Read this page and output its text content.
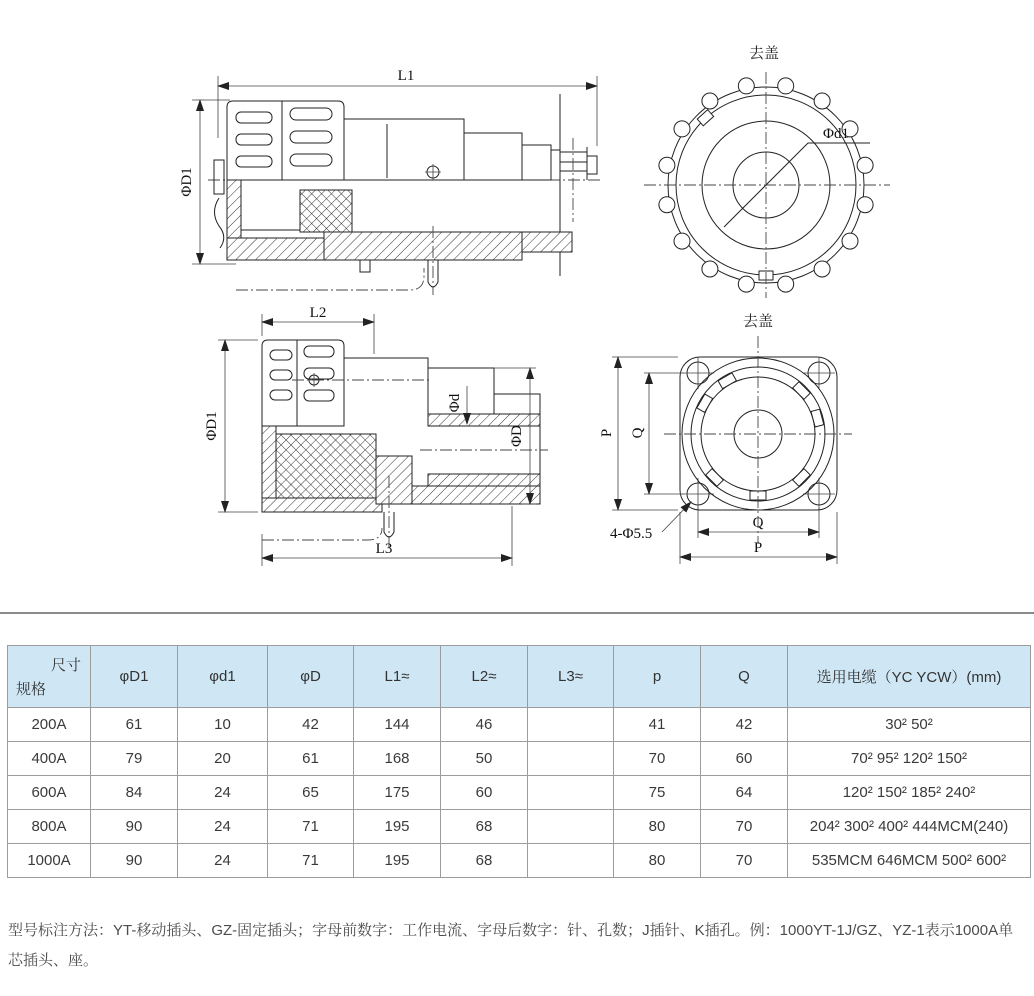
L1
ΦD1
去盖
Φd1
L2
ΦD1
Φd
ΦD
L3
去盖
P Q
Q
P
4-Φ5.5
尺寸
规格	φD1	φd1	φD	L1≈	L2≈	L3≈	p	Q	选用电缆（YC YCW）(mm)
200A	61	10	42	144	46		41	42	30² 50²
400A	79	20	61	168	50		70	60	70² 95² 120² 150²
600A	84	24	65	175	60		75	64	120² 150² 185² 240²
800A	90	24	71	195	68		80	70	204² 300² 400² 444MCM(240)
1000A	90	24	71	195	68		80	70	535MCM 646MCM 500² 600²

型号标注方法：YT-移动插头、GZ-固定插头；字母前数字：工作电流、字母后数字：针、孔数；J插针、K插孔。例：1000YT-1J/GZ、YZ-1表示1000A单芯插头、座。
